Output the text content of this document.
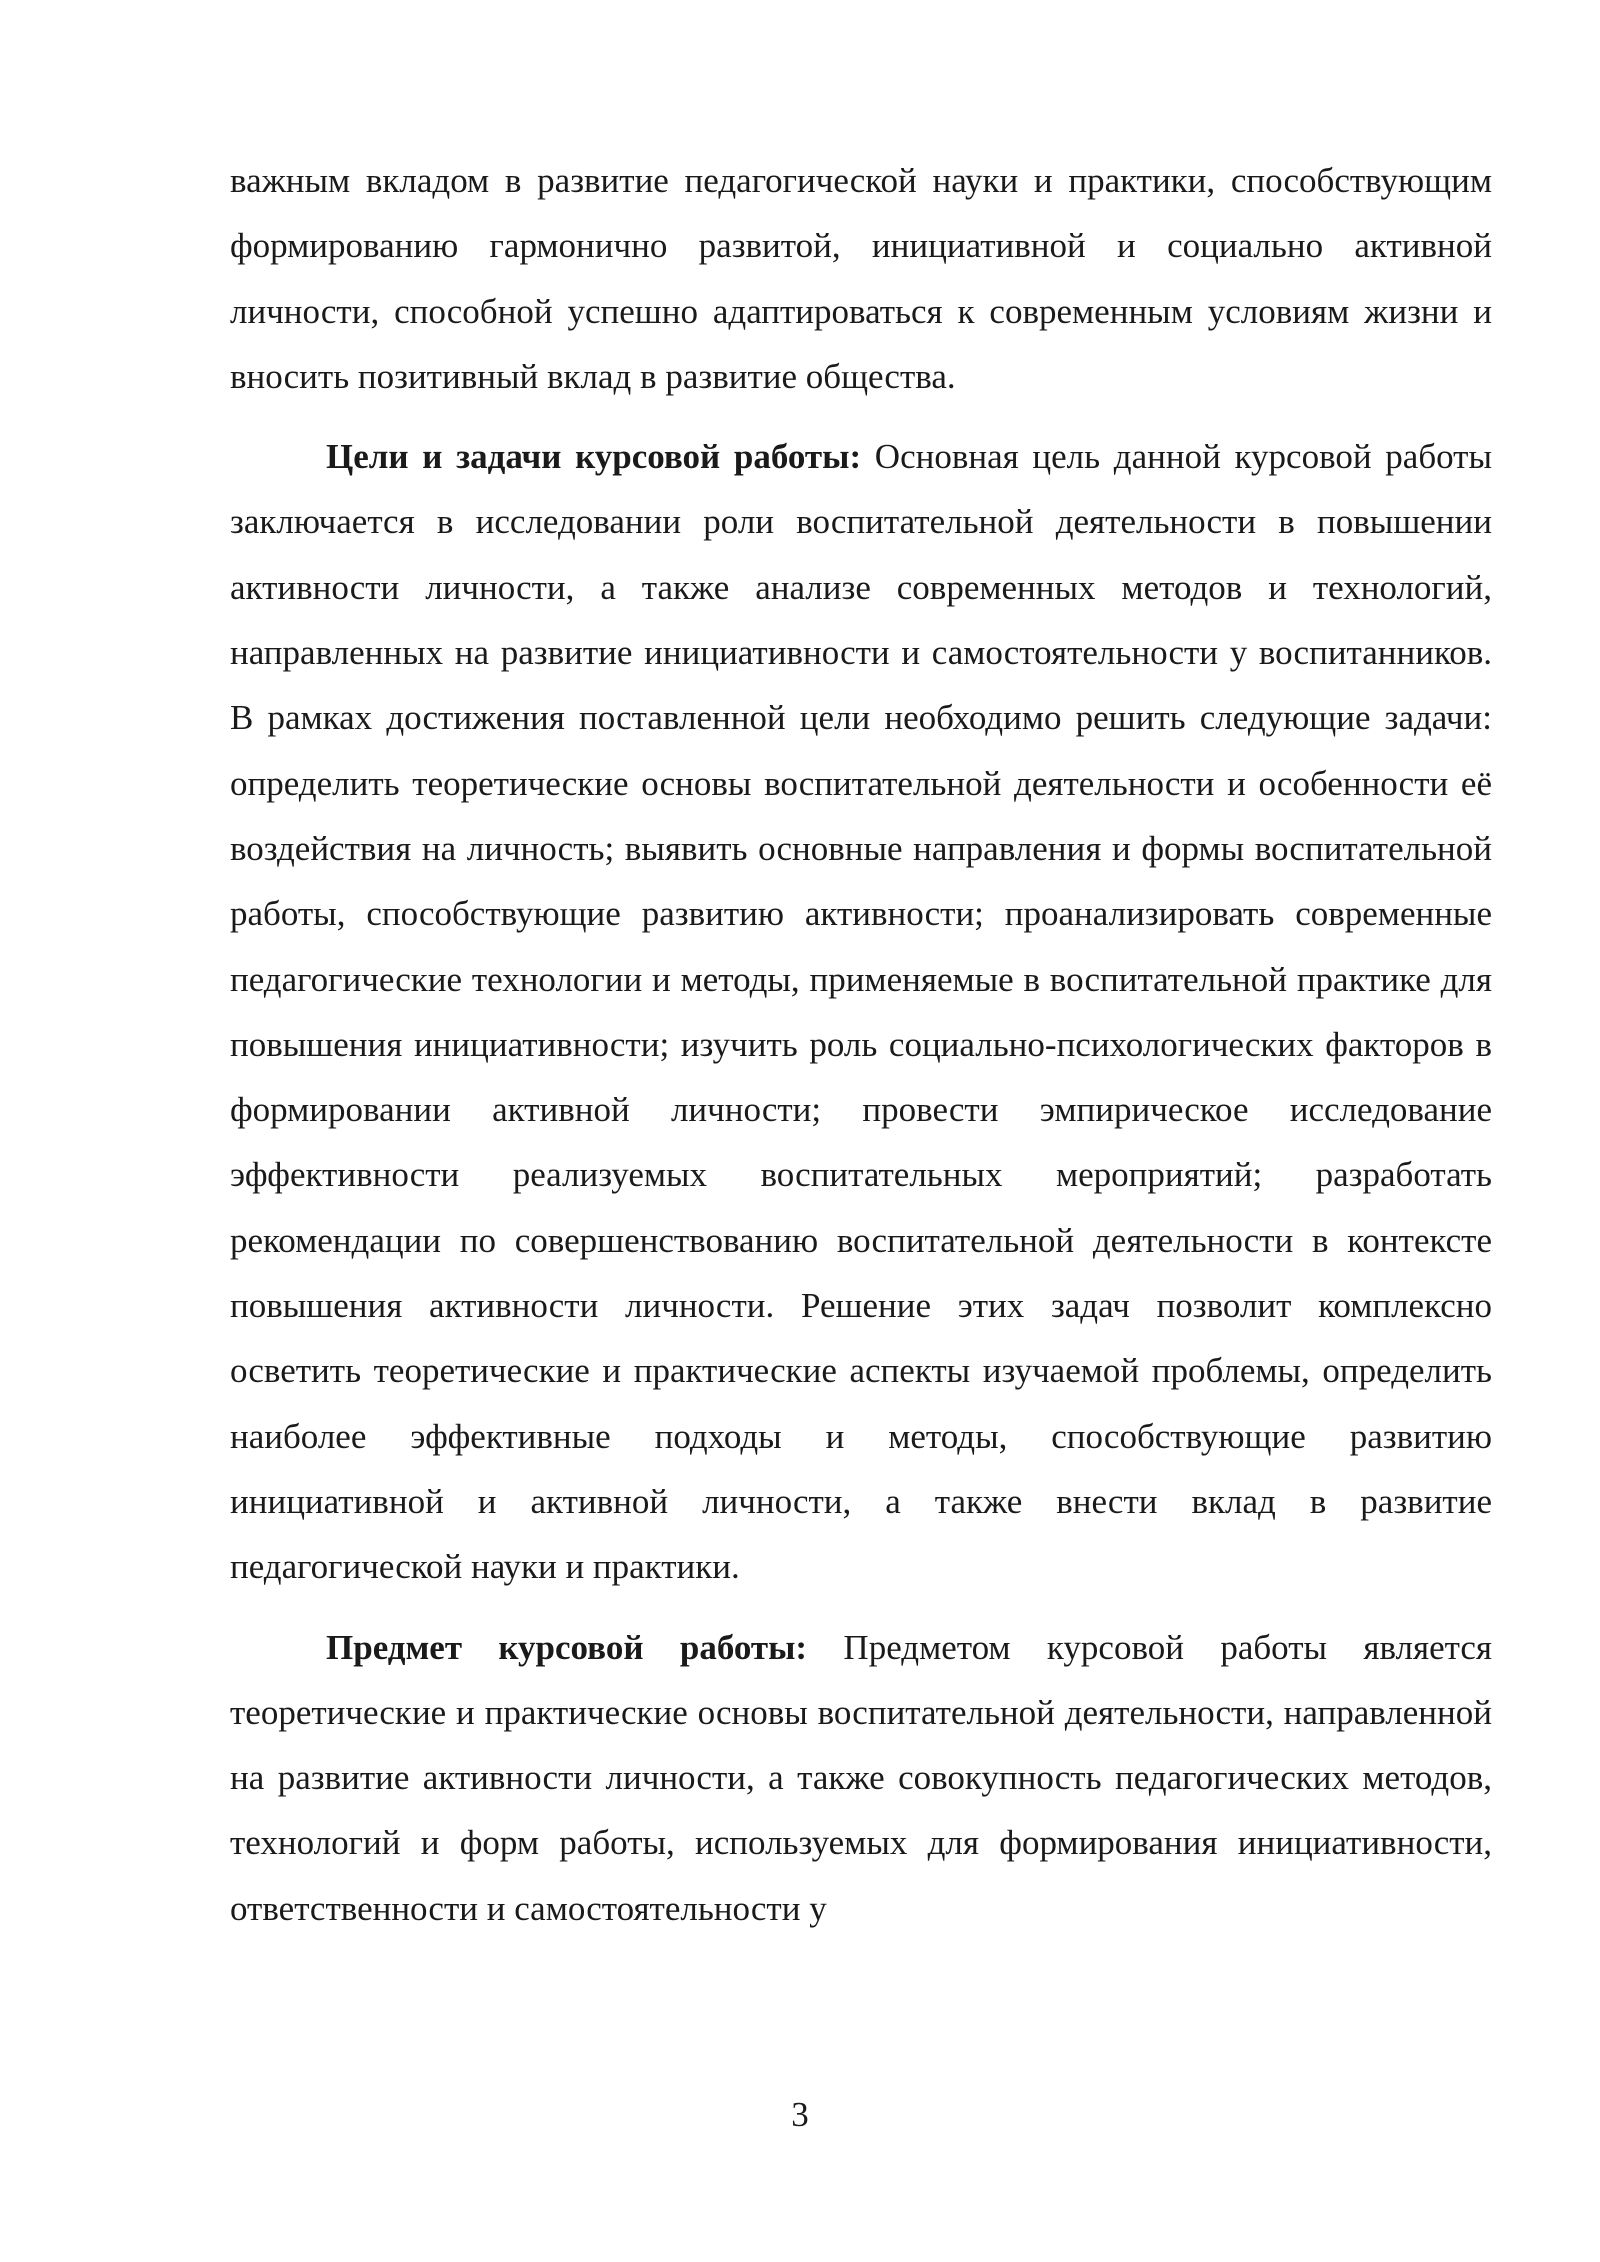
важным вкладом в развитие педагогической науки и практики, способствующим формированию гармонично развитой, инициативной и социально активной личности, способной успешно адаптироваться к современным условиям жизни и вносить позитивный вклад в развитие общества.

Цели и задачи курсовой работы: Основная цель данной курсовой работы заключается в исследовании роли воспитательной деятельности в повышении активности личности, а также анализе современных методов и технологий, направленных на развитие инициативности и самостоятельности у воспитанников. В рамках достижения поставленной цели необходимо решить следующие задачи: определить теоретические основы воспитательной деятельности и особенности её воздействия на личность; выявить основные направления и формы воспитательной работы, способствующие развитию активности; проанализировать современные педагогические технологии и методы, применяемые в воспитательной практике для повышения инициативности; изучить роль социально-психологических факторов в формировании активной личности; провести эмпирическое исследование эффективности реализуемых воспитательных мероприятий; разработать рекомендации по совершенствованию воспитательной деятельности в контексте повышения активности личности. Решение этих задач позволит комплексно осветить теоретические и практические аспекты изучаемой проблемы, определить наиболее эффективные подходы и методы, способствующие развитию инициативной и активной личности, а также внести вклад в развитие педагогической науки и практики.

Предмет курсовой работы: Предметом курсовой работы является теоретические и практические основы воспитательной деятельности, направленной на развитие активности личности, а также совокупность педагогических методов, технологий и форм работы, используемых для формирования инициативности, ответственности и самостоятельности у

3
